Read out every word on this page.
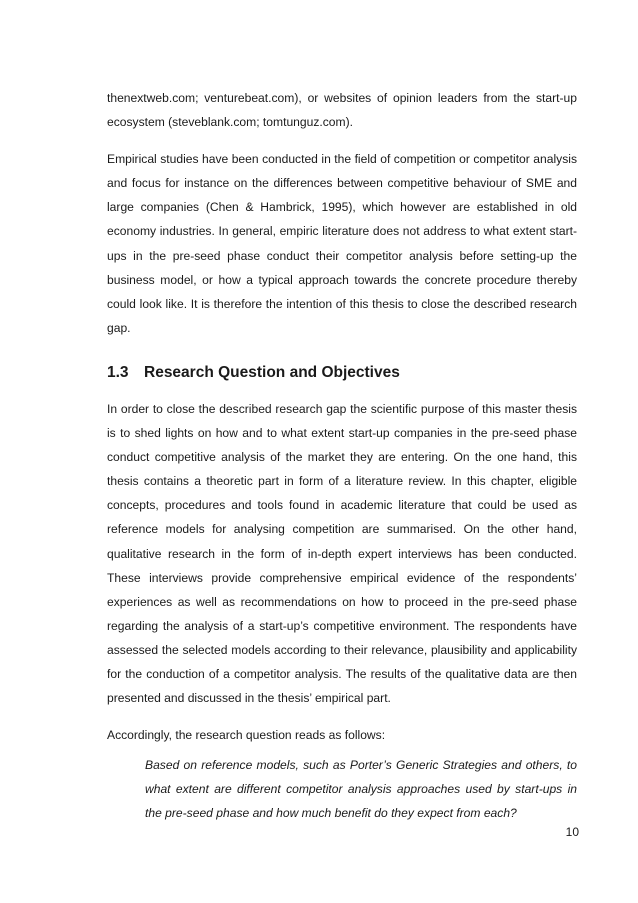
thenextweb.com; venturebeat.com), or websites of opinion leaders from the start-up ecosystem (steveblank.com; tomtunguz.com).

Empirical studies have been conducted in the field of competition or competitor analysis and focus for instance on the differences between competitive behaviour of SME and large companies (Chen & Hambrick, 1995), which however are established in old economy industries. In general, empiric literature does not address to what extent start-ups in the pre-seed phase conduct their competitor analysis before setting-up the business model, or how a typical approach towards the concrete procedure thereby could look like. It is therefore the intention of this thesis to close the described research gap.

1.3 Research Question and Objectives

In order to close the described research gap the scientific purpose of this master thesis is to shed lights on how and to what extent start-up companies in the pre-seed phase conduct competitive analysis of the market they are entering. On the one hand, this thesis contains a theoretic part in form of a literature review. In this chapter, eligible concepts, procedures and tools found in academic literature that could be used as reference models for analysing competition are summarised. On the other hand, qualitative research in the form of in-depth expert interviews has been conducted. These interviews provide comprehensive empirical evidence of the respondents’ experiences as well as recommendations on how to proceed in the pre-seed phase regarding the analysis of a start-up’s competitive environment. The respondents have assessed the selected models according to their relevance, plausibility and applicability for the conduction of a competitor analysis. The results of the qualitative data are then presented and discussed in the thesis’ empirical part.

Accordingly, the research question reads as follows:

Based on reference models, such as Porter’s Generic Strategies and others, to what extent are different competitor analysis approaches used by start-ups in the pre-seed phase and how much benefit do they expect from each?

10
